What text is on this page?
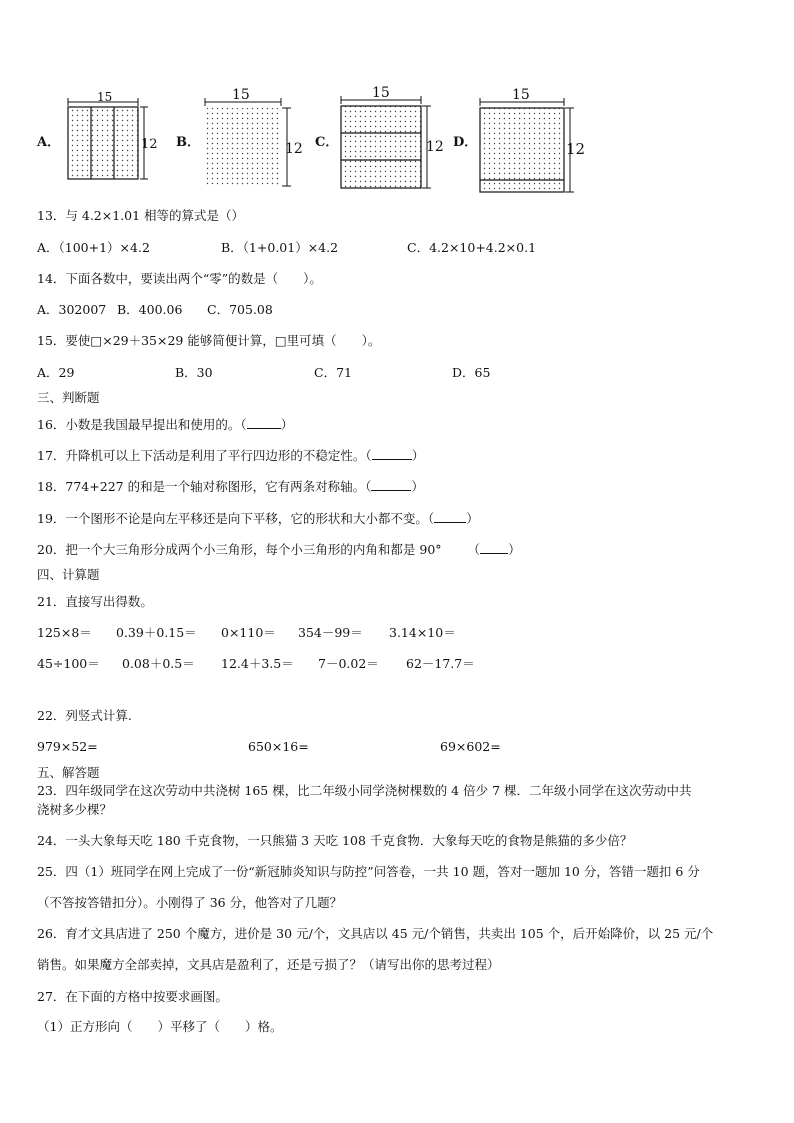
A．
15
12 B．
15
12 C．
15
12 D．
15
12
13．与 4.2×1.01 相等的算式是（）
A．（100+1）×4.2	B．（1+0.01）×4.2	C．4.2×10+4.2×0.1
14．下面各数中，要读出两个“零”的数是（　　）。
A．302007 B．400.06 C．705.08
15．要使□×29＋35×29 能够简便计算，□里可填（　　）。
A．29	B．30	C．71	D．65
三、判断题
16．小数是我国最早提出和使用的。（	）
17．升降机可以上下活动是利用了平行四边形的不稳定性。（	）
18．774+227 的和是一个轴对称图形，它有两条对称轴。（	）
19．一个图形不论是向左平移还是向下平移，它的形状和大小都不变。（	）
20．把一个大三角形分成两个小三角形，每个小三角形的内角和都是 90° （ ）
四、计算题
21．直接写出得数。
125×8＝ 0.39＋0.15＝ 0×110＝ 354－99＝ 3.14×10＝
45÷100＝ 0.08＋0.5＝ 12.4＋3.5＝ 7－0.02＝ 62－17.7＝
22．列竖式计算.
979×52=	650×16=	69×602=
五、解答题
23．四年级同学在这次劳动中共浇树 165 棵，比二年级小同学浇树棵数的 4 倍少 7 棵．二年级小同学在这次劳动中共
浇树多少棵？
24．一头大象每天吃 180 千克食物，一只熊猫 3 天吃 108 千克食物．大象每天吃的食物是熊猫的多少倍？
25．四（1）班同学在网上完成了一份“新冠肺炎知识与防控”问答卷，一共 10 题，答对一题加 10 分，答错一题扣 6 分
（不答按答错扣分）。小刚得了 36 分，他答对了几题？
26．育才文具店进了 250 个魔方，进价是 30 元/个，文具店以 45 元/个销售，共卖出 105 个，后开始降价，以 25 元/个
销售。如果魔方全部卖掉，文具店是盈利了，还是亏损了？（请写出你的思考过程）
27．在下面的方格中按要求画图。
（1）正方形向（　　）平移了（　　）格。
